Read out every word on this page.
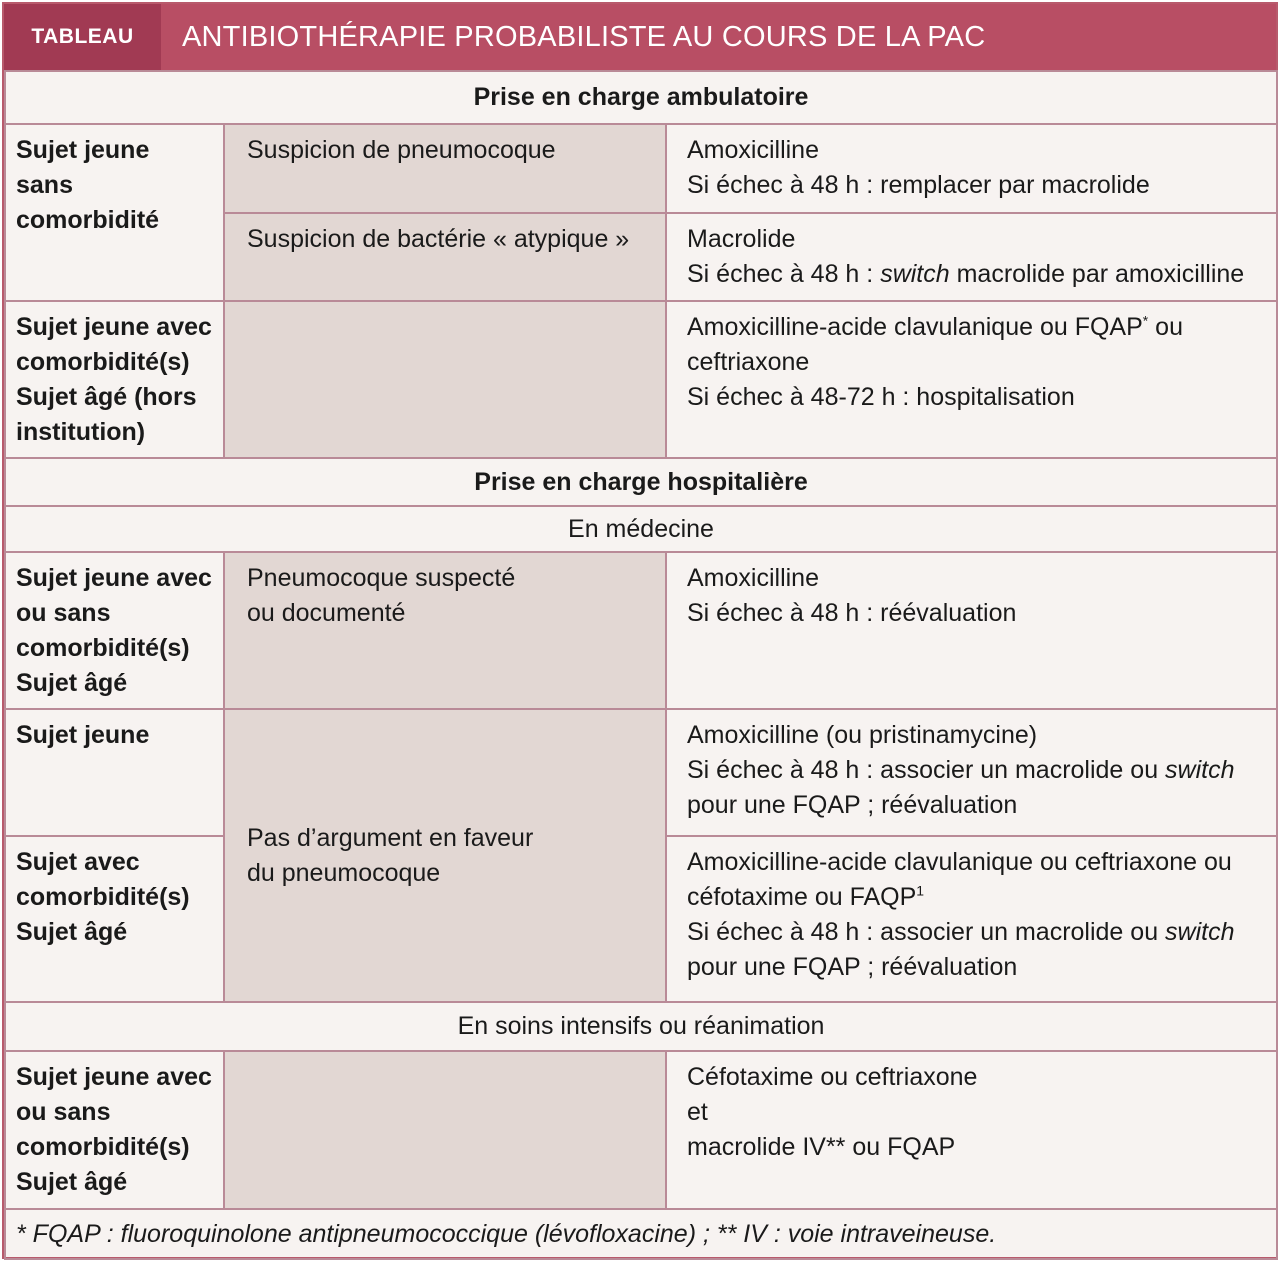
TABLEAU	ANTIBIOTHÉRAPIE PROBABILISTE AU COURS DE LA PAC
Prise en charge ambulatoire		
Sujet jeune sans comorbidité	Suspicion de pneumocoque	Amoxicilline
Si échec à 48 h : remplacer par macrolide

	Suspicion de bactérie « atypique »	Macrolide
Si échec à 48 h : switch macrolide par amoxicilline

Sujet jeune avec comorbidité(s)
Sujet âgé (hors institution)		Amoxicilline-acide clavulanique ou FQAP* ou ceftriaxone
Si échec à 48-72 h : hospitalisation

Prise en charge hospitalière		
En médecine		

Sujet jeune avec ou sans comorbidité(s)
Sujet âgé	Pneumocoque suspecté ou documenté	Amoxicilline
Si échec à 48 h : réévaluation

Sujet jeune	Pas d’argument en faveur du pneumocoque	Amoxicilline (ou pristinamycine)
Si échec à 48 h : associer un macrolide ou switch
pour une FQAP ; réévaluation

Sujet avec comorbidité(s)
Sujet âgé		Amoxicilline-acide clavulanique ou ceftriaxone ou
céfotaxime ou FAQP$^1$
Si échec à 48 h : associer un macrolide ou switch
pour une FQAP ; réévaluation

En soins intensifs ou réanimation		

Sujet jeune avec ou sans comorbidité(s)
Sujet âgé		Céfotaxime ou ceftriaxone
et
macrolide IV** ou FQAP

* FQAP : fluoroquinolone antipneumococcique (lévofloxacine) ; ** IV : voie intraveineuse.		
